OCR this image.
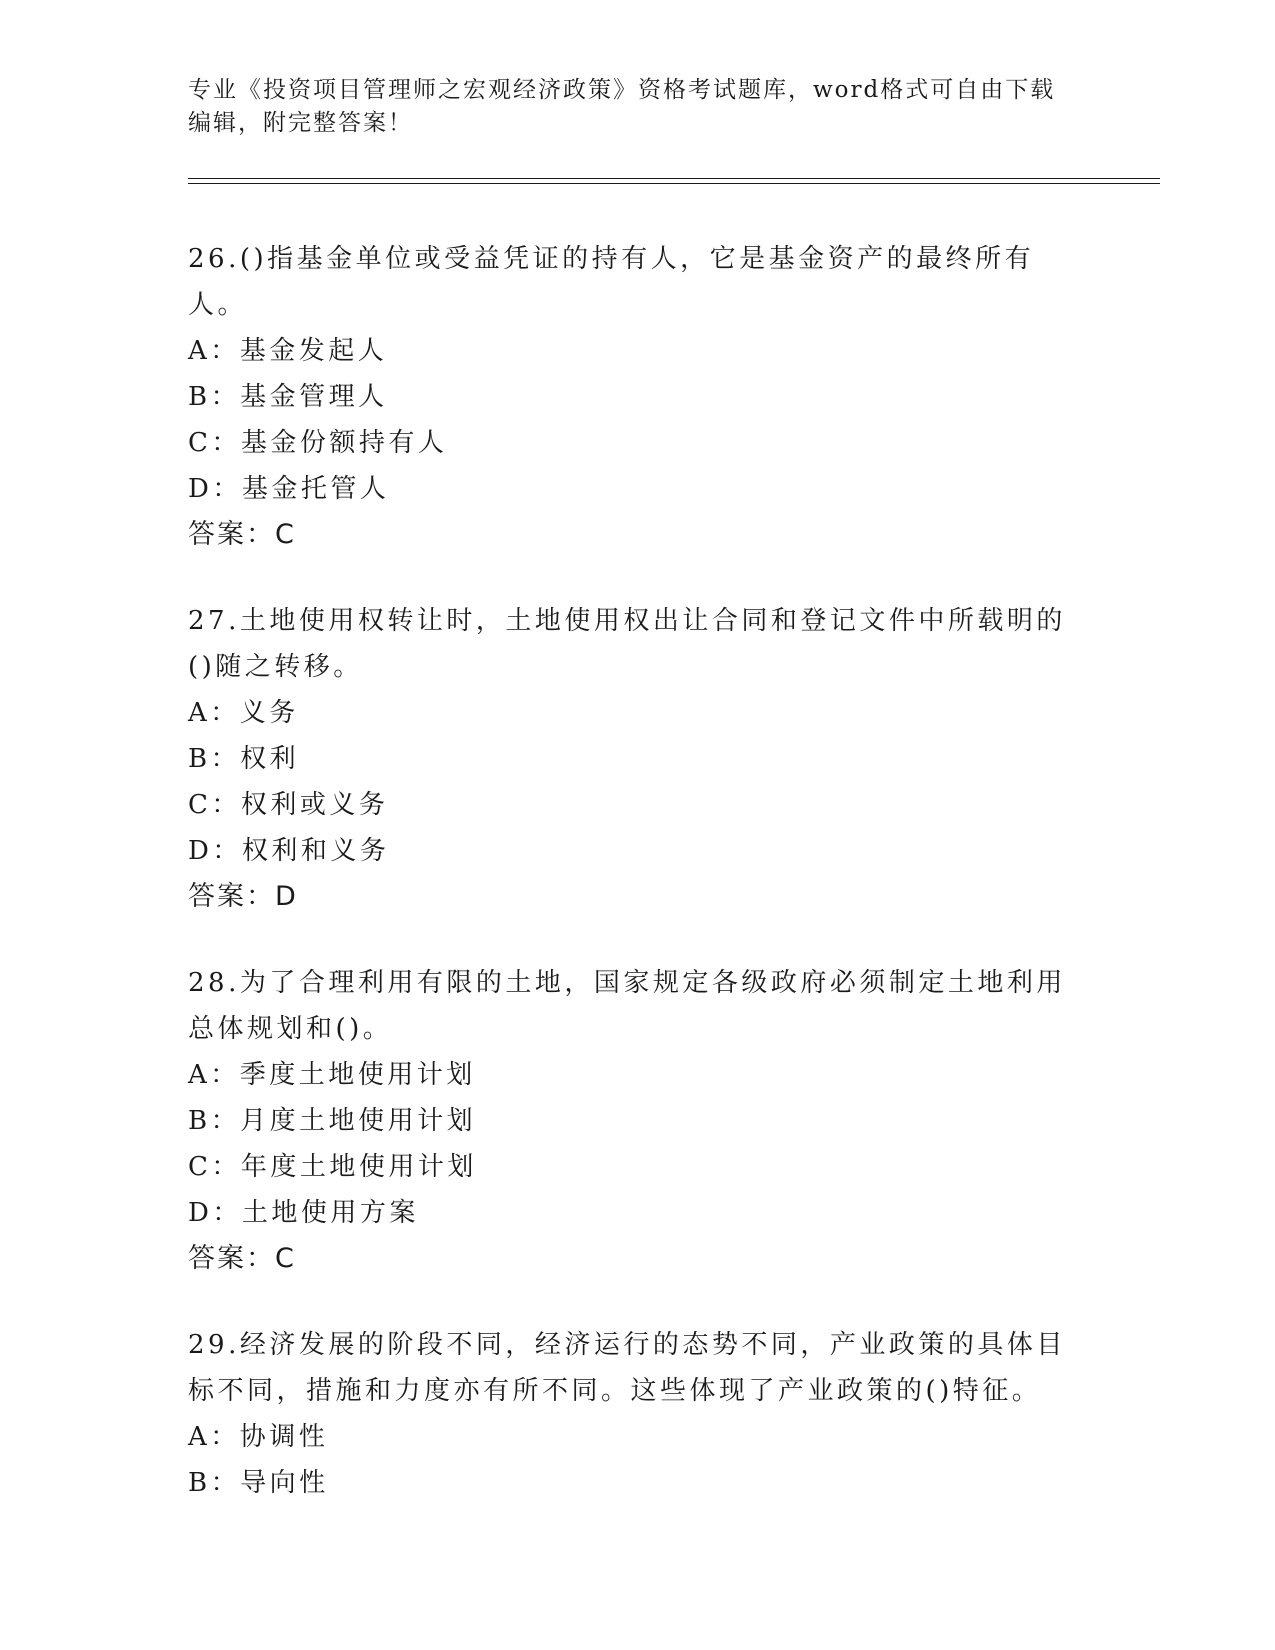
专业《投资项目管理师之宏观经济政策》资格考试题库，word格式可自由下载编辑，附完整答案！
26.()指基金单位或受益凭证的持有人，它是基金资产的最终所有人。
A：基金发起人
B：基金管理人
C：基金份额持有人
D：基金托管人
答案：C
27.土地使用权转让时，土地使用权出让合同和登记文件中所载明的()随之转移。
A：义务
B：权利
C：权利或义务
D：权利和义务
答案：D
28.为了合理利用有限的土地，国家规定各级政府必须制定土地利用总体规划和()。
A：季度土地使用计划
B：月度土地使用计划
C：年度土地使用计划
D：土地使用方案
答案：C
29.经济发展的阶段不同，经济运行的态势不同，产业政策的具体目标不同，措施和力度亦有所不同。这些体现了产业政策的()特征。
A：协调性
B：导向性
